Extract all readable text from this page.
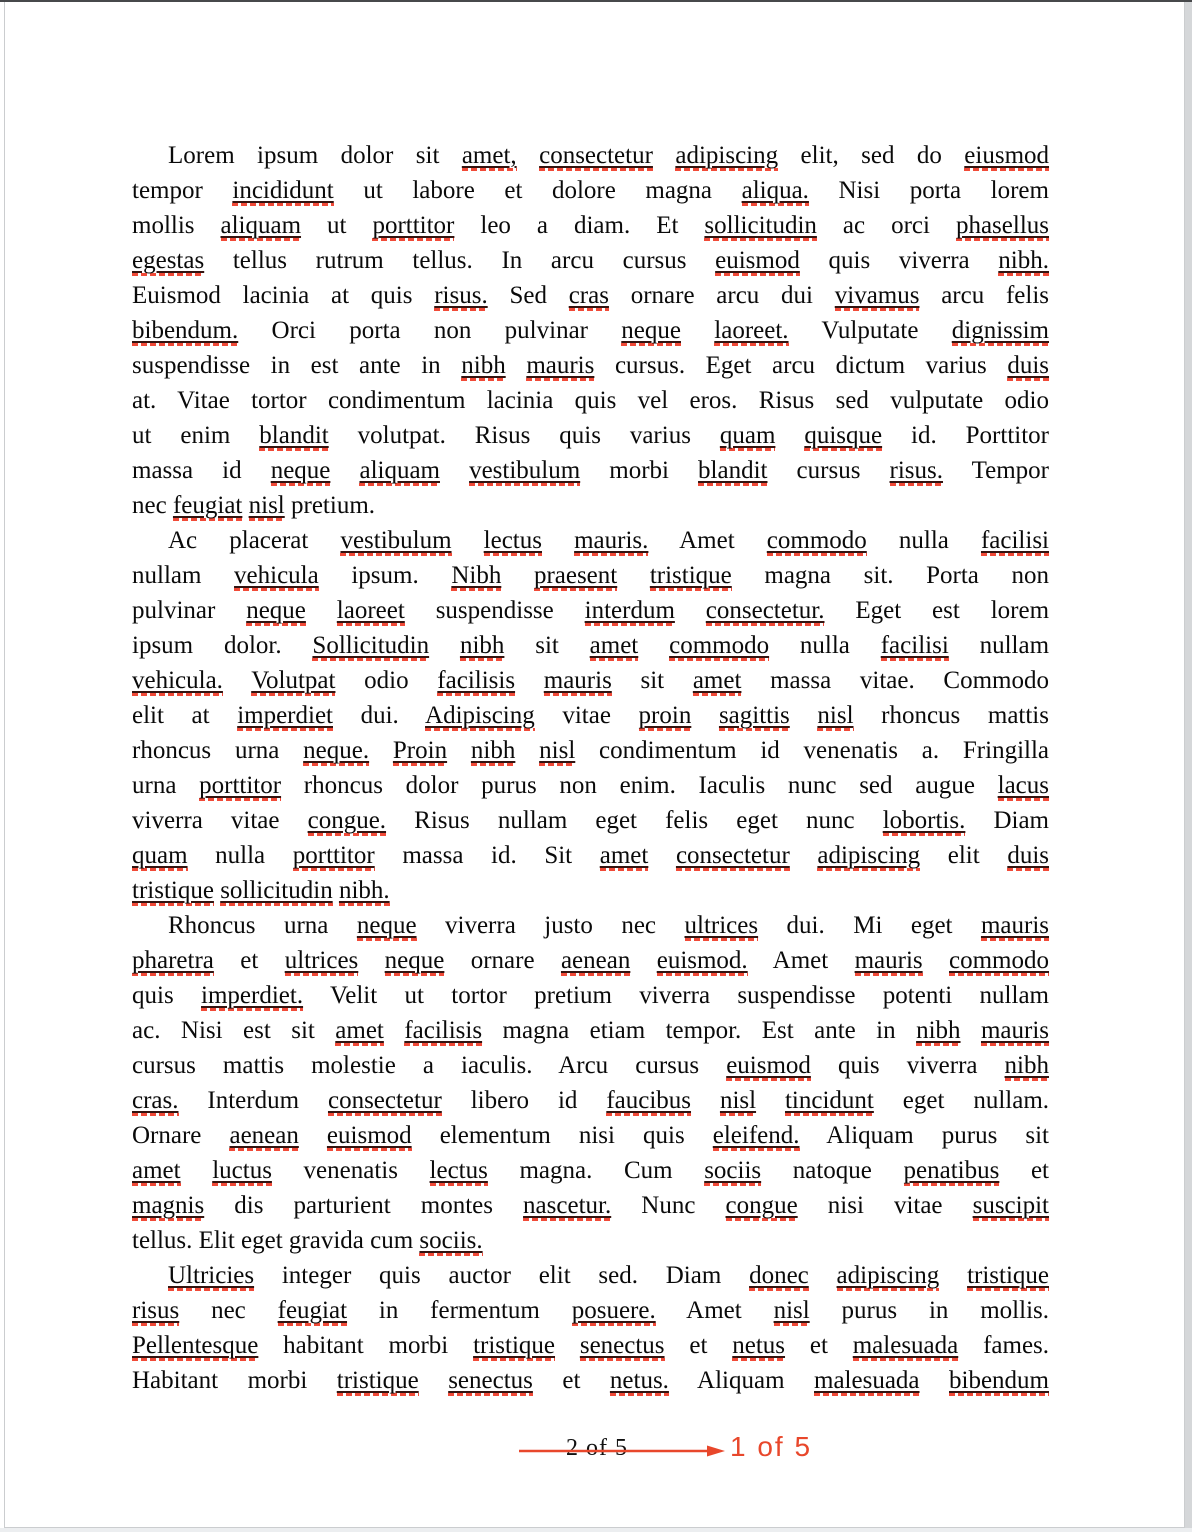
Lorem ipsum dolor sit amet, consectetur adipiscing elit, sed do eiusmod
tempor incididunt ut labore et dolore magna aliqua. Nisi porta lorem
mollis aliquam ut porttitor leo a diam. Et sollicitudin ac orci phasellus
egestas tellus rutrum tellus. In arcu cursus euismod quis viverra nibh.
Euismod lacinia at quis risus. Sed cras ornare arcu dui vivamus arcu felis
bibendum. Orci porta non pulvinar neque laoreet. Vulputate dignissim
suspendisse in est ante in nibh mauris cursus. Eget arcu dictum varius duis
at. Vitae tortor condimentum lacinia quis vel eros. Risus sed vulputate odio
ut enim blandit volutpat. Risus quis varius quam quisque id. Porttitor
massa id neque aliquam vestibulum morbi blandit cursus risus. Tempor
nec feugiat nisl pretium.
Ac placerat vestibulum lectus mauris. Amet commodo nulla facilisi
nullam vehicula ipsum. Nibh praesent tristique magna sit. Porta non
pulvinar neque laoreet suspendisse interdum consectetur. Eget est lorem
ipsum dolor. Sollicitudin nibh sit amet commodo nulla facilisi nullam
vehicula. Volutpat odio facilisis mauris sit amet massa vitae. Commodo
elit at imperdiet dui. Adipiscing vitae proin sagittis nisl rhoncus mattis
rhoncus urna neque. Proin nibh nisl condimentum id venenatis a. Fringilla
urna porttitor rhoncus dolor purus non enim. Iaculis nunc sed augue lacus
viverra vitae congue. Risus nullam eget felis eget nunc lobortis. Diam
quam nulla porttitor massa id. Sit amet consectetur adipiscing elit duis
tristique sollicitudin nibh.
Rhoncus urna neque viverra justo nec ultrices dui. Mi eget mauris
pharetra et ultrices neque ornare aenean euismod. Amet mauris commodo
quis imperdiet. Velit ut tortor pretium viverra suspendisse potenti nullam
ac. Nisi est sit amet facilisis magna etiam tempor. Est ante in nibh mauris
cursus mattis molestie a iaculis. Arcu cursus euismod quis viverra nibh
cras. Interdum consectetur libero id faucibus nisl tincidunt eget nullam.
Ornare aenean euismod elementum nisi quis eleifend. Aliquam purus sit
amet luctus venenatis lectus magna. Cum sociis natoque penatibus et
magnis dis parturient montes nascetur. Nunc congue nisi vitae suscipit
tellus. Elit eget gravida cum sociis.
Ultricies integer quis auctor elit sed. Diam donec adipiscing tristique
risus nec feugiat in fermentum posuere. Amet nisl purus in mollis.
Pellentesque habitant morbi tristique senectus et netus et malesuada fames.
Habitant morbi tristique senectus et netus. Aliquam malesuada bibendum
2 of 5	1 of 5
